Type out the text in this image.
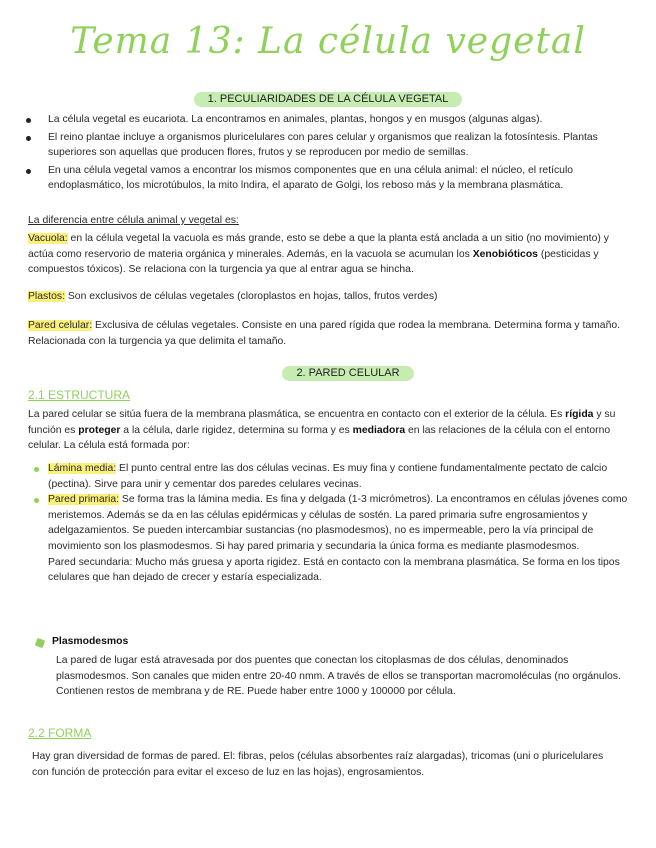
Tema 13: La célula vegetal
1. PECULIARIDADES DE LA CÉLULA VEGETAL
La célula vegetal es eucariota. La encontramos en animales, plantas, hongos y en musgos (algunas algas).
El reino plantae incluye a organismos pluricelulares con pares celular y organismos que realizan la fotosíntesis. Plantas superiores son aquellas que producen flores, frutos y se reproducen por medio de semillas.
En una célula vegetal vamos a encontrar los mismos componentes que en una célula animal: el núcleo, el retículo endoplasmático, los microtúbulos, la mito lndira, el aparato de Golgi, los reboso más y la membrana plasmática.

La diferencia entre célula animal y vegetal es:

Vacuola: en la célula vegetal la vacuola es más grande, esto se debe a que la planta está anclada a un sitio (no movimiento) y actúa como reservorio de materia orgánica y minerales. Además, en la vacuola se acumulan los Xenobióticos (pesticidas y compuestos tóxicos). Se relaciona con la turgencia ya que al entrar agua se hincha.

Plastos: Son exclusivos de células vegetales (cloroplastos en hojas, tallos, frutos verdes)

Pared celular: Exclusiva de células vegetales. Consiste en una pared rígida que rodea la membrana. Determina forma y tamaño. Relacionada con la turgencia ya que delimita el tamaño.

2. PARED CELULAR
2.1 ESTRUCTURA

La pared celular se sitúa fuera de la membrana plasmática, se encuentra en contacto con el exterior de la célula. Es rígida y su función es proteger a la célula, darle rigidez, determina su forma y es mediadora en las relaciones de la célula con el entorno celular. La célula está formada por:

Lámina media: El punto central entre las dos células vecinas. Es muy fina y contiene fundamentalmente pectato de calcio (pectina). Sirve para unir y cementar dos paredes celulares vecinas.
Pared primaria: Se forma tras la lámina media. Es fina y delgada (1-3 micrómetros). La encontramos en células jóvenes como meristemos. Además se da en las células epidérmicas y células de sostén. La pared primaria sufre engrosamientos y adelgazamientos. Se pueden intercambiar sustancias (no plasmodesmos), no es impermeable, pero la vía principal de movimiento son los plasmodesmos. Si hay pared primaria y secundaria la única forma es mediante plasmodesmos.

Pared secundaria: Mucho más gruesa y aporta rigidez. Está en contacto con la membrana plasmática. Se forma en los tipos celulares que han dejado de crecer y estaría especializada.

Plasmodesmos

La pared de lugar está atravesada por dos puentes que conectan los citoplasmas de dos células, denominados plasmodesmos. Son canales que miden entre 20-40 nmm. A través de ellos se transportan macromoléculas (no orgánulos. Contienen restos de membrana y de RE. Puede haber entre 1000 y 100000 por célula.

2.2 FORMA

Hay gran diversidad de formas de pared. El: fibras, pelos (células absorbentes raíz alargadas), tricomas (uni o pluricelulares con función de protección para evitar el exceso de luz en las hojas), engrosamientos.
